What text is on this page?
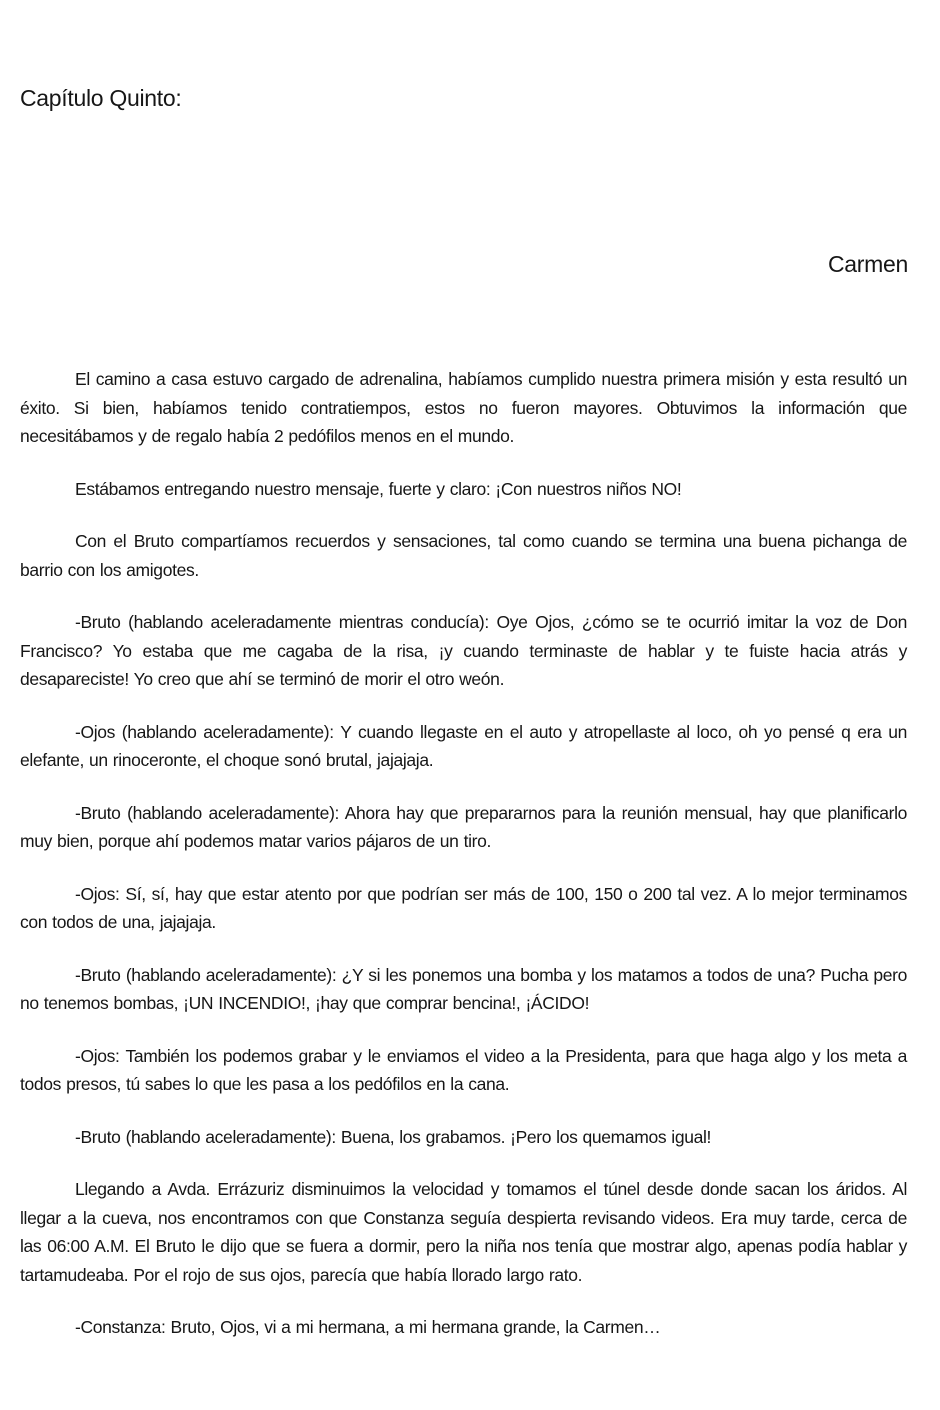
Capítulo Quinto:
Carmen

El camino a casa estuvo cargado de adrenalina, habíamos cumplido nuestra primera misión y esta resultó un éxito. Si bien, habíamos tenido contratiempos, estos no fueron mayores. Obtuvimos la información que necesitábamos y de regalo había 2 pedófilos menos en el mundo.

Estábamos entregando nuestro mensaje, fuerte y claro: ¡Con nuestros niños NO!

Con el Bruto compartíamos recuerdos y sensaciones, tal como cuando se termina una buena pichanga de barrio con los amigotes.

-Bruto (hablando aceleradamente mientras conducía): Oye Ojos, ¿cómo se te ocurrió imitar la voz de Don Francisco? Yo estaba que me cagaba de la risa, ¡y cuando terminaste de hablar y te fuiste hacia atrás y desapareciste! Yo creo que ahí se terminó de morir el otro weón.

-Ojos (hablando aceleradamente): Y cuando llegaste en el auto y atropellaste al loco, oh yo pensé q era un elefante, un rinoceronte, el choque sonó brutal, jajajaja.

-Bruto (hablando aceleradamente): Ahora hay que prepararnos para la reunión mensual, hay que planificarlo muy bien, porque ahí podemos matar varios pájaros de un tiro.

-Ojos: Sí, sí, hay que estar atento por que podrían ser más de 100, 150 o 200 tal vez. A lo mejor terminamos con todos de una, jajajaja.

-Bruto (hablando aceleradamente): ¿Y si les ponemos una bomba y los matamos a todos de una? Pucha pero no tenemos bombas, ¡UN INCENDIO!, ¡hay que comprar bencina!, ¡ÁCIDO!

-Ojos: También los podemos grabar y le enviamos el video a la Presidenta, para que haga algo y los meta a todos presos, tú sabes lo que les pasa a los pedófilos en la cana.

-Bruto (hablando aceleradamente): Buena, los grabamos. ¡Pero los quemamos igual!

Llegando a Avda. Errázuriz disminuimos la velocidad y tomamos el túnel desde donde sacan los áridos. Al llegar a la cueva, nos encontramos con que Constanza seguía despierta revisando videos. Era muy tarde, cerca de las 06:00 A.M. El Bruto le dijo que se fuera a dormir, pero la niña nos tenía que mostrar algo, apenas podía hablar y tartamudeaba. Por el rojo de sus ojos, parecía que había llorado largo rato.

-Constanza: Bruto, Ojos, vi a mi hermana, a mi hermana grande, la Carmen…
